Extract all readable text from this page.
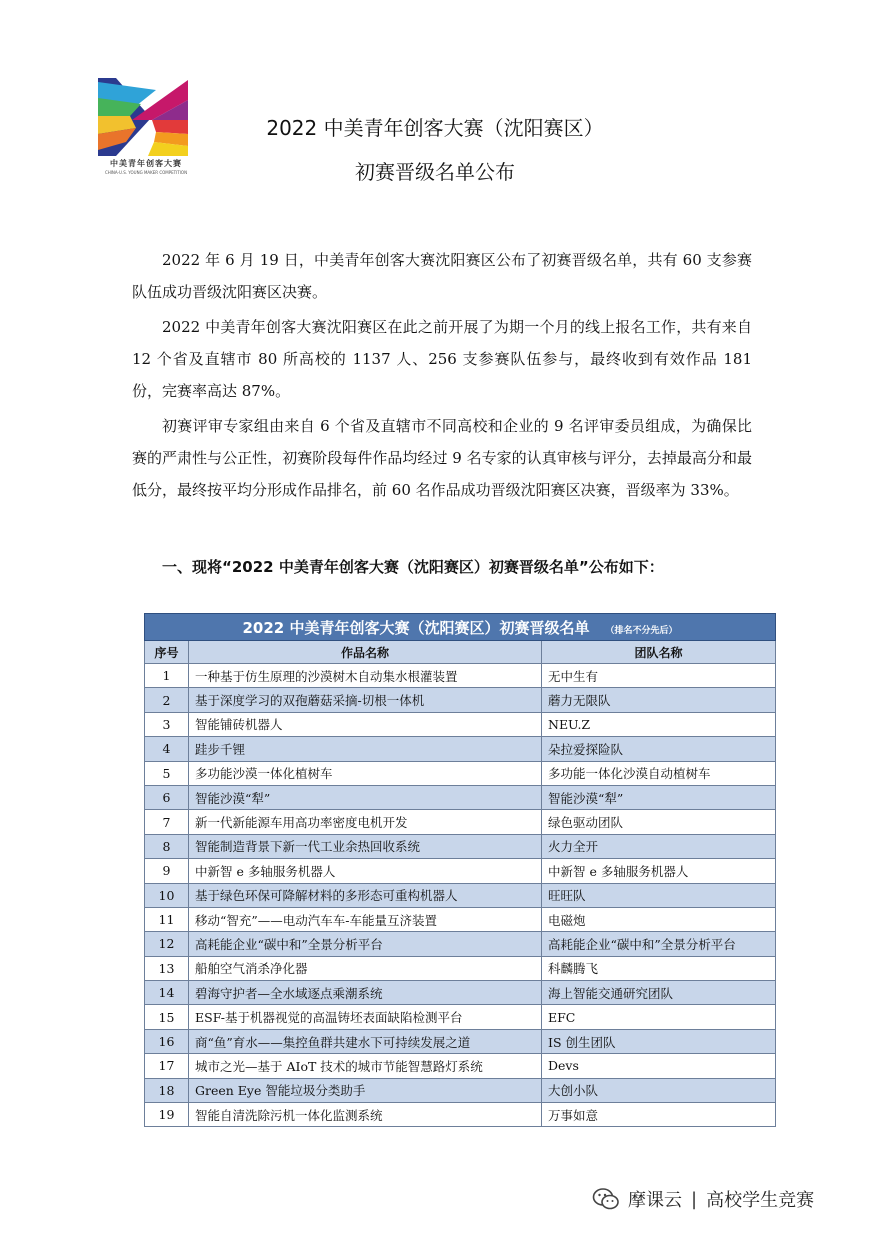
中美青年创客大赛
CHINA-U.S. YOUNG MAKER COMPETITION
2022 中美青年创客大赛（沈阳赛区）
初赛晋级名单公布

2022 年 6 月 19 日，中美青年创客大赛沈阳赛区公布了初赛晋级名单，共有 60 支参赛队伍成功晋级沈阳赛区决赛。

2022 中美青年创客大赛沈阳赛区在此之前开展了为期一个月的线上报名工作，共有来自 12 个省及直辖市 80 所高校的 1137 人、256 支参赛队伍参与，最终收到有效作品 181 份，完赛率高达 87%。

初赛评审专家组由来自 6 个省及直辖市不同高校和企业的 9 名评审委员组成，为确保比赛的严肃性与公正性，初赛阶段每件作品均经过 9 名专家的认真审核与评分，去掉最高分和最低分，最终按平均分形成作品排名，前 60 名作品成功晋级沈阳赛区决赛，晋级率为 33%。

一、现将“2022 中美青年创客大赛（沈阳赛区）初赛晋级名单”公布如下：
2022 中美青年创客大赛（沈阳赛区）初赛晋级名单 （排名不分先后）		
序号	作品名称	团队名称
1	一种基于仿生原理的沙漠树木自动集水根灌装置	无中生有
2	基于深度学习的双孢蘑菇采摘-切根一体机	蘑力无限队
3	智能铺砖机器人	NEU.Z
4	跬步千锂	朵拉爱探险队
5	多功能沙漠一体化植树车	多功能一体化沙漠自动植树车
6	智能沙漠“犁”	智能沙漠“犁”
7	新一代新能源车用高功率密度电机开发	绿色驱动团队
8	智能制造背景下新一代工业余热回收系统	火力全开
9	中新智 e 多轴服务机器人	中新智 e 多轴服务机器人
10	基于绿色环保可降解材料的多形态可重构机器人	旺旺队
11	移动“智充”——电动汽车车-车能量互济装置	电磁炮
12	高耗能企业“碳中和”全景分析平台	高耗能企业“碳中和”全景分析平台
13	船舶空气消杀净化器	科麟腾飞
14	碧海守护者—全水域逐点乘潮系统	海上智能交通研究团队
15	ESF-基于机器视觉的高温铸坯表面缺陷检测平台	EFC
16	商“鱼”育水——集控鱼群共建水下可持续发展之道	IS 创生团队
17	城市之光—基于 AIoT 技术的城市节能智慧路灯系统	Devs
18	Green Eye 智能垃圾分类助手	大创小队
19	智能自清洗除污机一体化监测系统	万事如意
摩课云 | 高校学生竞赛
